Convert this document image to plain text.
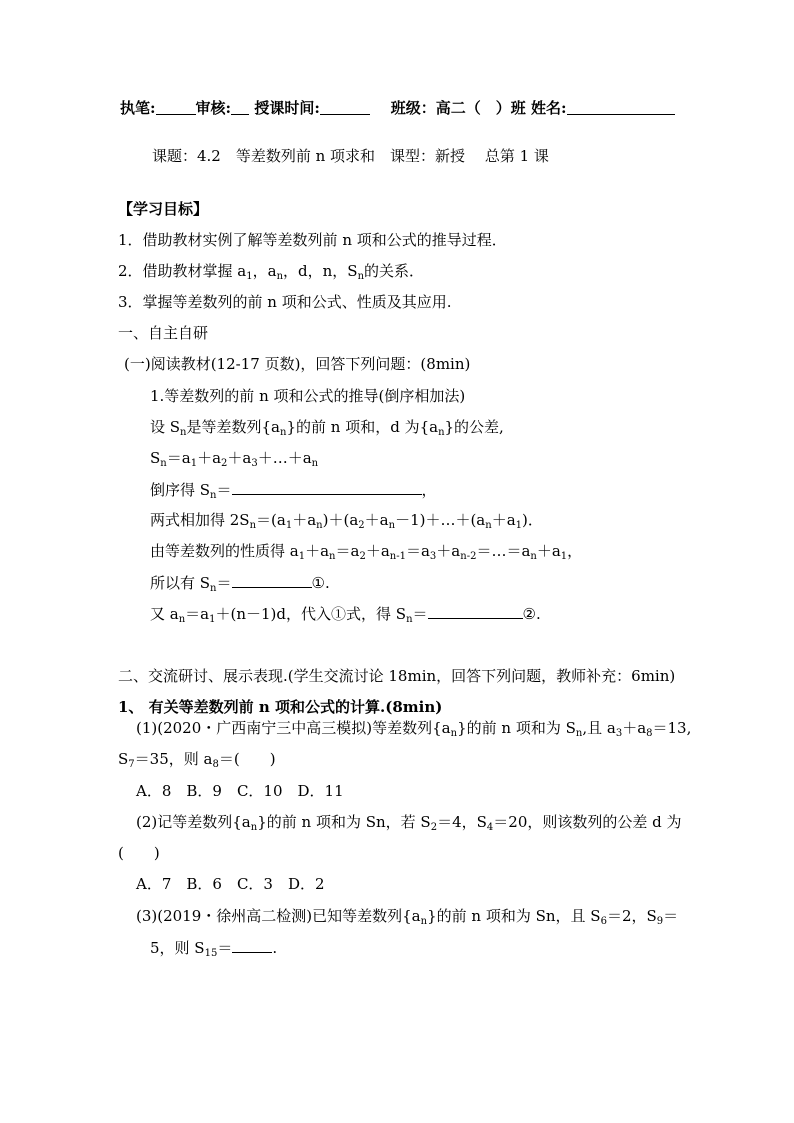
执笔:	审核: 授课时间:	班级：高二（　）班 姓名:
课题：4.2　等差数列前 n 项求和　课型：新授　 总第 1 课
【学习目标】
1．借助教材实例了解等差数列前 n 项和公式的推导过程．
2．借助教材掌握 $a_1$，$a_n$，d，n，$S_n$的关系．
3．掌握等差数列的前 n 项和公式、性质及其应用.
一、自主自研
(一)阅读教材(12-17 页数)，回答下列问题：(8min)
1.等差数列的前 n 项和公式的推导(倒序相加法)
设 $S_n$是等差数列$\{a_n\}$的前 n 项和，d 为$\{a_n\}$的公差,
$S_n=a_1+a_2+a_3+\dots+a_n$
倒序得 $S_n=$	，
两式相加得 $2S_n=(a_1+a_n)+(a_2+a_n-1)+\dots+(a_n+a_1)$．
由等差数列的性质得 $a_1+a_n=a_2+a_{n-1}=a_3+a_{n-2}=\dots=a_n+a_1$，
所以有 $S_n=$	①.
又 $a_n=a_1+(n-1)d$，代入①式，得 $S_n=$	②.
二、交流研讨、展示表现.(学生交流讨论 18min，回答下列问题，教师补充：6min)
1、 有关等差数列前 n 项和公式的计算.(8min)
(1)(2020・广西南宁三中高三模拟)等差数列$\{a_n\}$的前 n 项和为 $S_n$,且 $a_3+a_8=13$,
$S_7=35$，则 $a_8=$(　　)
A．8　B．9　C．10　D．11
(2)记等差数列$\{a_n\}$的前 n 项和为 Sn，若 $S_2=4$，$S_4=20$，则该数列的公差 d 为
(　　)
A．7　B．6　C．3　D．2
(3)(2019・徐州高二检测)已知等差数列$\{a_n\}$的前 n 项和为 Sn，且 $S_6=2$，$S_9=$
5，则 $S_{15}=$	.
